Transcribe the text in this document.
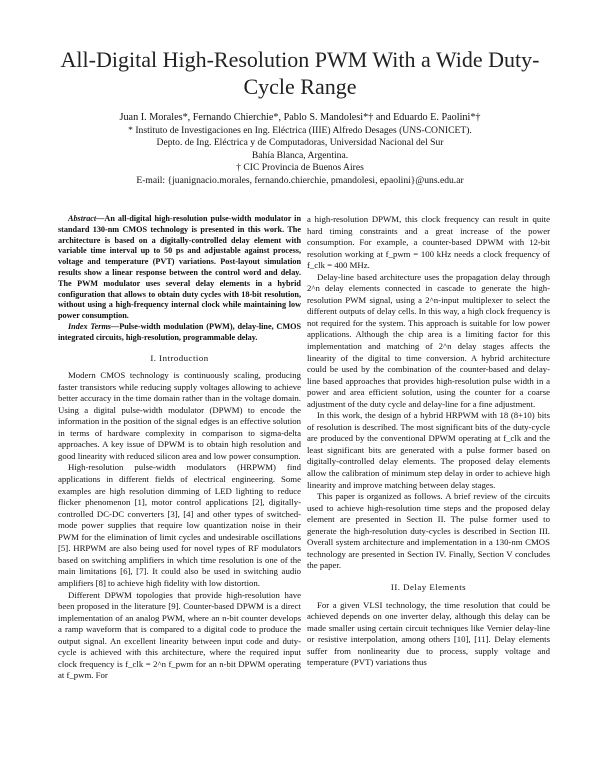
All-Digital High-Resolution PWM With a Wide Duty-Cycle Range
Juan I. Morales*, Fernando Chierchie*, Pablo S. Mandolesi*† and Eduardo E. Paolini*†
* Instituto de Investigaciones en Ing. Eléctrica (IIIE) Alfredo Desages (UNS-CONICET).
Depto. de Ing. Eléctrica y de Computadoras, Universidad Nacional del Sur
Bahía Blanca, Argentina.
† CIC Provincia de Buenos Aires
E-mail: {juanignacio.morales, fernando.chierchie, pmandolesi, epaolini}@uns.edu.ar

Abstract—An all-digital high-resolution pulse-width modulator in standard 130-nm CMOS technology is presented in this work. The architecture is based on a digitally-controlled delay element with variable time interval up to 50 ps and adjustable against process, voltage and temperature (PVT) variations. Post-layout simulation results show a linear response between the control word and delay. The PWM modulator uses several delay elements in a hybrid configuration that allows to obtain duty cycles with 18-bit resolution, without using a high-frequency internal clock while maintaining low power consumption.

Index Terms—Pulse-width modulation (PWM), delay-line, CMOS integrated circuits, high-resolution, programmable delay.

I. Introduction

Modern CMOS technology is continuously scaling, producing faster transistors while reducing supply voltages allowing to achieve better accuracy in the time domain rather than in the voltage domain. Using a digital pulse-width modulator (DPWM) to encode the information in the position of the signal edges is an effective solution in terms of hardware complexity in comparison to sigma-delta approaches. A key issue of DPWM is to obtain high resolution and good linearity with reduced silicon area and low power consumption.

High-resolution pulse-width modulators (HRPWM) find applications in different fields of electrical engineering. Some examples are high resolution dimming of LED lighting to reduce flicker phenomenon [1], motor control applications [2], digitally-controlled DC-DC converters [3], [4] and other types of switched-mode power supplies that require low quantization noise in their PWM for the elimination of limit cycles and undesirable oscillations [5]. HRPWM are also being used for novel types of RF modulators based on switching amplifiers in which time resolution is one of the main limitations [6], [7]. It could also be used in switching audio amplifiers [8] to achieve high fidelity with low distortion.

Different DPWM topologies that provide high-resolution have been proposed in the literature [9]. Counter-based DPWM is a direct implementation of an analog PWM, where an n-bit counter develops a ramp waveform that is compared to a digital code to produce the output signal. An excellent linearity between input code and duty-cycle is achieved with this architecture, where the required input clock frequency is f_clk = 2^n f_pwm for an n-bit DPWM operating at f_pwm. For

a high-resolution DPWM, this clock frequency can result in quite hard timing constraints and a great increase of the power consumption. For example, a counter-based DPWM with 12-bit resolution working at f_pwm = 100 kHz needs a clock frequency of f_clk = 400 MHz.

Delay-line based architecture uses the propagation delay through 2^n delay elements connected in cascade to generate the high-resolution PWM signal, using a 2^n-input multiplexer to select the different outputs of delay cells. In this way, a high clock frequency is not required for the system. This approach is suitable for low power applications. Although the chip area is a limiting factor for this implementation and matching of 2^n delay stages affects the linearity of the digital to time conversion. A hybrid architecture could be used by the combination of the counter-based and delay-line based approaches that provides high-resolution pulse width in a power and area efficient solution, using the counter for a coarse adjustment of the duty cycle and delay-line for a fine adjustment.

In this work, the design of a hybrid HRPWM with 18 (8+10) bits of resolution is described. The most significant bits of the duty-cycle are produced by the conventional DPWM operating at f_clk and the least significant bits are generated with a pulse former based on digitally-controlled delay elements. The proposed delay elements allow the calibration of minimum step delay in order to achieve high linearity and improve matching between delay stages.

This paper is organized as follows. A brief review of the circuits used to achieve high-resolution time steps and the proposed delay element are presented in Section II. The pulse former used to generate the high-resolution duty-cycles is described in Section III. Overall system architecture and implementation in a 130-nm CMOS technology are presented in Section IV. Finally, Section V concludes the paper.

II. Delay Elements

For a given VLSI technology, the time resolution that could be achieved depends on one inverter delay, although this delay can be made smaller using certain circuit techniques like Vernier delay-line or resistive interpolation, among others [10], [11]. Delay elements suffer from nonlinearity due to process, supply voltage and temperature (PVT) variations thus
